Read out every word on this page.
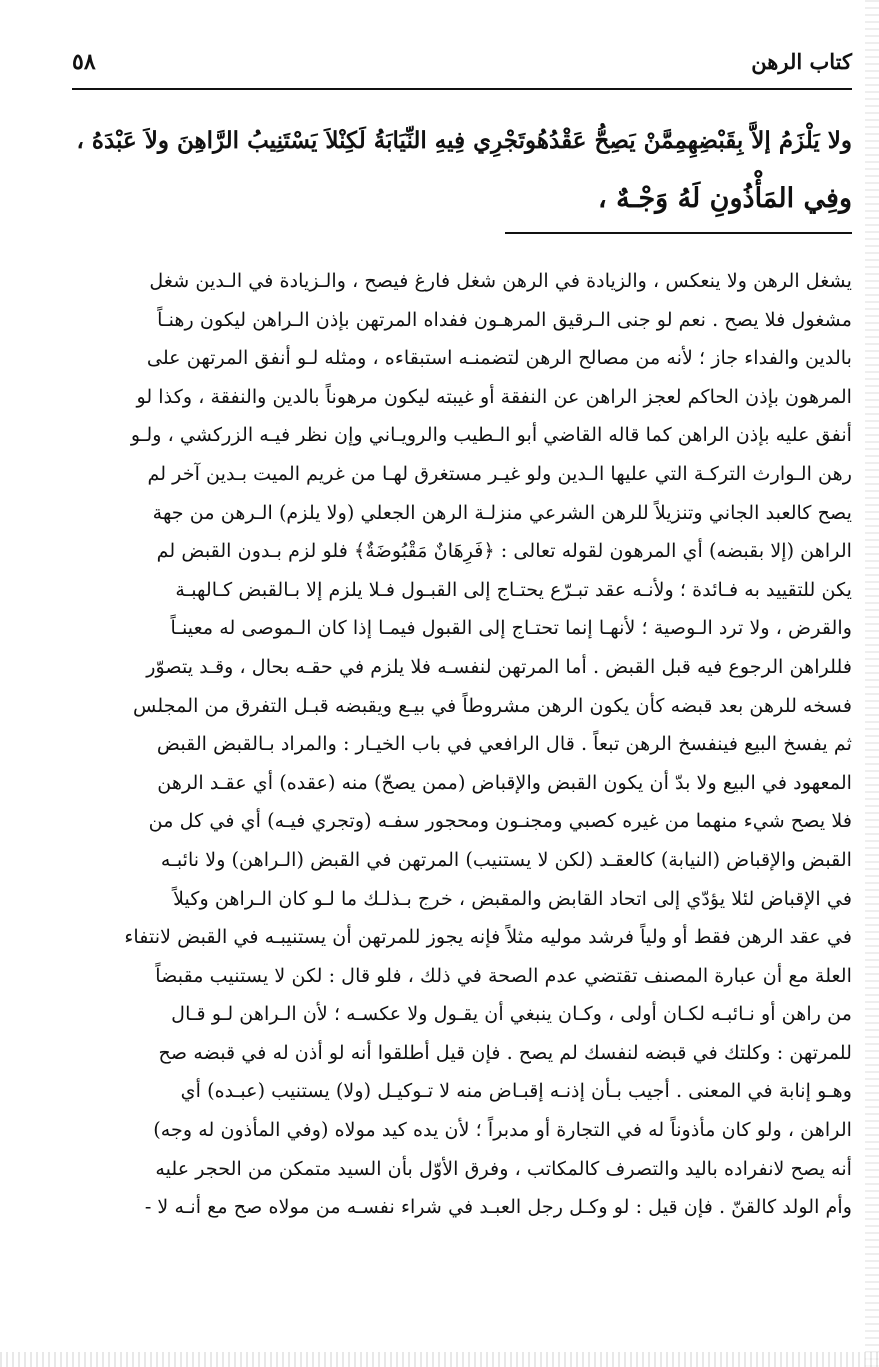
كتاب الرهن
٥٨
ولا يَلْزَمُ إلاَّ بِقَبْضِهِمِمَّنْ يَصِحُّ عَقْدُهُوتَجْرِي فِيهِ النِّيَابَةُ لَكِنْلاَ يَسْتَنِيبُ الرَّاهِنَ ولاَ عَبْدَهُ ،
وفِي المَأْذُونِ لَهُ وَجْـهٌ ،
يشغل الرهن ولا ينعكس ، والزيادة في الرهن شغل فارغ فيصح ، والـزيادة في الـدين شغل
مشغول فلا يصح . نعم لو جنى الـرقيق المرهـون ففداه المرتهن بإذن الـراهن ليكون رهنـاً
بالدين والفداء جاز ؛ لأنه من مصالح الرهن لتضمنـه استبقاءه ، ومثله لـو أنفق المرتهن على
المرهون بإذن الحاكم لعجز الراهن عن النفقة أو غيبته ليكون مرهوناً بالدين والنفقة ، وكذا لو
أنفق عليه بإذن الراهن كما قاله القاضي أبو الـطيب والرويـاني وإن نظر فيـه الزركشي ، ولـو
رهن الـوارث التركـة التي عليها الـدين ولو غيـر مستغرق لهـا من غريم الميت بـدين آخر لم
يصح كالعبد الجاني وتنزيلاً للرهن الشرعي منزلـة الرهن الجعلي (ولا يلزم) الـرهن من جهة
الراهن (إلا بقبضه) أي المرهون لقوله تعالى : ﴿فَرِهَانٌ مَقْبُوضَةٌ﴾ فلو لزم بـدون القبض لم
يكن للتقييد به فـائدة ؛ ولأنـه عقد تبـرّع يحتـاج إلى القبـول فـلا يلزم إلا بـالقبض كـالهبـة
والقرض ، ولا ترد الـوصية ؛ لأنهـا إنما تحتـاج إلى القبول فيمـا إذا كان الـموصى له معينـاً
فللراهن الرجوع فيه قبل القبض . أما المرتهن لنفسـه فلا يلزم في حقـه بحال ، وقـد يتصوّر
فسخه للرهن بعد قبضه كأن يكون الرهن مشروطاً في بيـع ويقبضه قبـل التفرق من المجلس
ثم يفسخ البيع فينفسخ الرهن تبعاً . قال الرافعي في باب الخيـار : والمراد بـالقبض القبض
المعهود في البيع ولا بدّ أن يكون القبض والإقباض (ممن يصحّ) منه (عقده) أي عقـد الرهن
فلا يصح شيء منهما من غيره كصبي ومجنـون ومحجور سفـه (وتجري فيـه) أي في كل من
القبض والإقباض (النيابة) كالعقـد (لكن لا يستنيب) المرتهن في القبض (الـراهن) ولا نائبـه
في الإقباض لئلا يؤدّي إلى اتحاد القابض والمقبض ، خرج بـذلـك ما لـو كان الـراهن وكيلاً
في عقد الرهن فقط أو ولياً فرشد موليه مثلاً فإنه يجوز للمرتهن أن يستنيبـه في القبض لانتفاء
العلة مع أن عبارة المصنف تقتضي عدم الصحة في ذلك ، فلو قال : لكن لا يستنيب مقبضاً
من راهن أو نـائبـه لكـان أولى ، وكـان ينبغي أن يقـول ولا عكسـه ؛ لأن الـراهن لـو قـال
للمرتهن : وكلتك في قبضه لنفسك لم يصح . فإن قيل أطلقوا أنه لو أذن له في قبضه صح
وهـو إنابة في المعنى . أجيب بـأن إذنـه إقبـاض منه لا تـوكيـل (ولا) يستنيب (عبـده) أي
الراهن ، ولو كان مأذوناً له في التجارة أو مدبراً ؛ لأن يده كيد مولاه (وفي المأذون له وجه)
أنه يصح لانفراده باليد والتصرف كالمكاتب ، وفرق الأوّل بأن السيد متمكن من الحجر عليه
وأم الولد كالقنّ . فإن قيل : لو وكـل رجل العبـد في شراء نفسـه من مولاه صح مع أنـه لا -
